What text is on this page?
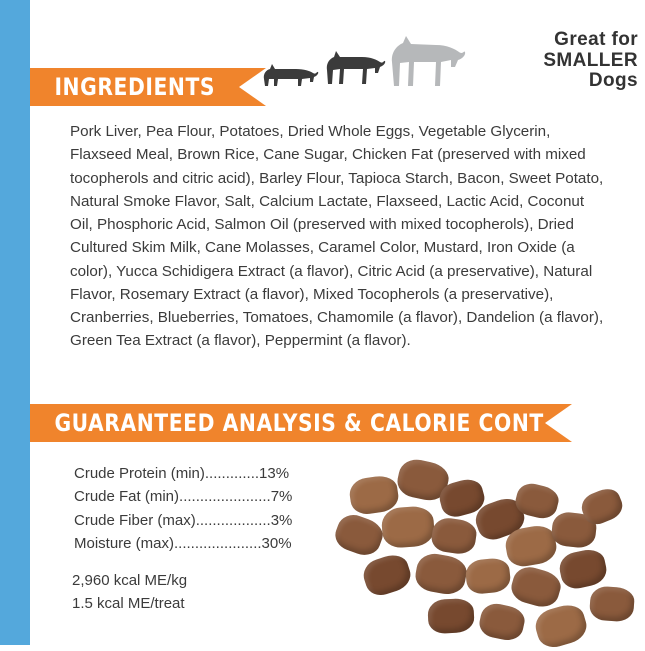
Great for
SMALLER Dogs
INGREDIENTS
Pork Liver, Pea Flour, Potatoes, Dried Whole Eggs, Vegetable Glycerin, Flaxseed Meal, Brown Rice, Cane Sugar, Chicken Fat (preserved with mixed tocopherols and citric acid), Barley Flour, Tapioca Starch, Bacon, Sweet Potato, Natural Smoke Flavor, Salt, Calcium Lactate, Flaxseed, Lactic Acid, Coconut Oil, Phosphoric Acid, Salmon Oil (preserved with mixed tocopherols), Dried Cultured Skim Milk, Cane Molasses, Caramel Color, Mustard, Iron Oxide (a color), Yucca Schidigera Extract (a flavor), Citric Acid (a preservative), Natural Flavor, Rosemary Extract (a flavor), Mixed Tocopherols (a preservative), Cranberries, Blueberries, Tomatoes, Chamomile (a flavor), Dandelion (a flavor), Green Tea Extract (a flavor), Peppermint (a flavor).
GUARANTEED ANALYSIS & CALORIE CONTENT
Crude Protein (min).............13%
Crude Fat (min)......................7%
Crude Fiber (max)..................3%
Moisture (max).....................30%
2,960 kcal ME/kg
1.5 kcal ME/treat
